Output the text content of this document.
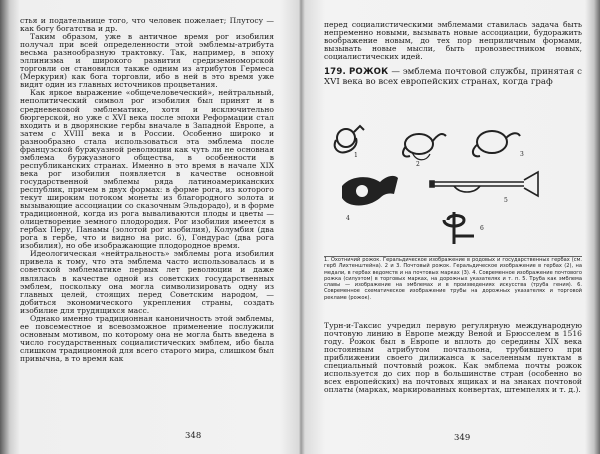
стья и подательнице того, что человек пожелает; Плутосу — как богу богатства и др.

Таким образом, уже в античное время рог изобилия получал при всей определенности этой эмблемы-атрибута весьма разнообразную трактовку. Так, например, в эпоху эллинизма и широкого развития средиземноморской торговли он становился также одним из атрибутов Гермеса (Меркурия) как бога торговли, ибо в ней в это время уже видят один из главных источников процветания.

Как яркое выражение «общечеловеческий», нейтральный, неполитический символ рог изобилия был принят и в средневековой эмблематике, хотя и исключительно бюргерской, но уже с XVI века после эпохи Реформации стал входить и в дворянские гербы вначале в Западной Европе, а затем с XVIII века и в России. Особенно широко и разнообразно стала использоваться эта эмблема после французской буржуазной революции как чуть ли не основная эмблема буржуазного общества, в особенности в республиканских странах. Именно в это время в начале XIX века рог изобилия появляется в качестве основной государственной эмблемы ряда латиноамериканских республик, причем в двух формах: в форме рога, из которого текут широким потоком монеты из благородного золота и вызывающие ассоциации со сказочным Эльдорадо), и в форме традиционной, когда из рога вываливаются плоды и цветы — олицетворение земного плодородия. Рог изобилия имеется в гербах Перу, Панамы (золотой рог изобилия), Колумбия (два рога в гербе, что и видно на рис. 6), Гондурас (два рога изобилия), но обе изображающие плодородное время.

Идеологическая «нейтральность» эмблемы рога изобилия привела к тому, что эта эмблема часто использовалась и в советской эмблематике первых лет революции и даже являлась в качестве одной из советских государственных эмблем, поскольку она могла символизировать одну из главных целей, стоящих перед Советским народом, — добиться экономического укрепления страны, создать изобилие для трудящихся масс.

Однако именно традиционная каноничность этой эмблемы, ее повсеместное и всевозможное применение послужили основным мотивом, по которому она не могла быть введена в число государственных социалистических эмблем, ибо была слишком традиционной для всего старого мира, слишком был привычна, в то время как

348

перед социалистическими эмблемами ставилась задача быть непременно новыми, вызывать новые ассоциации, будоражить воображение новым, до тех пор неприличным формами, вызывать новые мысли, быть провозвестником новых, социалистических идей.

179. РОЖОК — эмблема почтовой службы, принятая с XVI века во всех европейских странах, когда граф
1
2
3
4
5
6
1. Охотничий рожок. Геральдическое изображение в родовых и государственных гербах (см. герб Лихтенштейна). 2 и 3. Почтовый рожок. Геральдическое изображение в гербах (2), на медали, в гербах ведомств и на почтовых марках (3). 4. Современное изображение почтового рожка (силуэтом) в торговых марках, на дорожных указателях и т. п. 5. Труба как эмблема славы — изображение на эмблемах и в произведениях искусства (труба гения). 6. Современное схематическое изображение трубы на дорожных указателях и торговой рекламе (рожок).

Турн-и-Таксис учредил первую регулярную международную почтовую линию в Европе между Веной и Брюсселем в 1516 году. Рожок был в Европе и вплоть до середины XIX века постоянным атрибутом почтальона, трубившего при приближении своего дилижанса к заселенным пунктам в специальный почтовый рожок. Как эмблема почты рожок используется до сих пор в большинстве стран (особенно во всех европейских) на почтовых ящиках и на знаках почтовой оплаты (марках, маркированных конвертах, штемпелях и т. д.).

349
